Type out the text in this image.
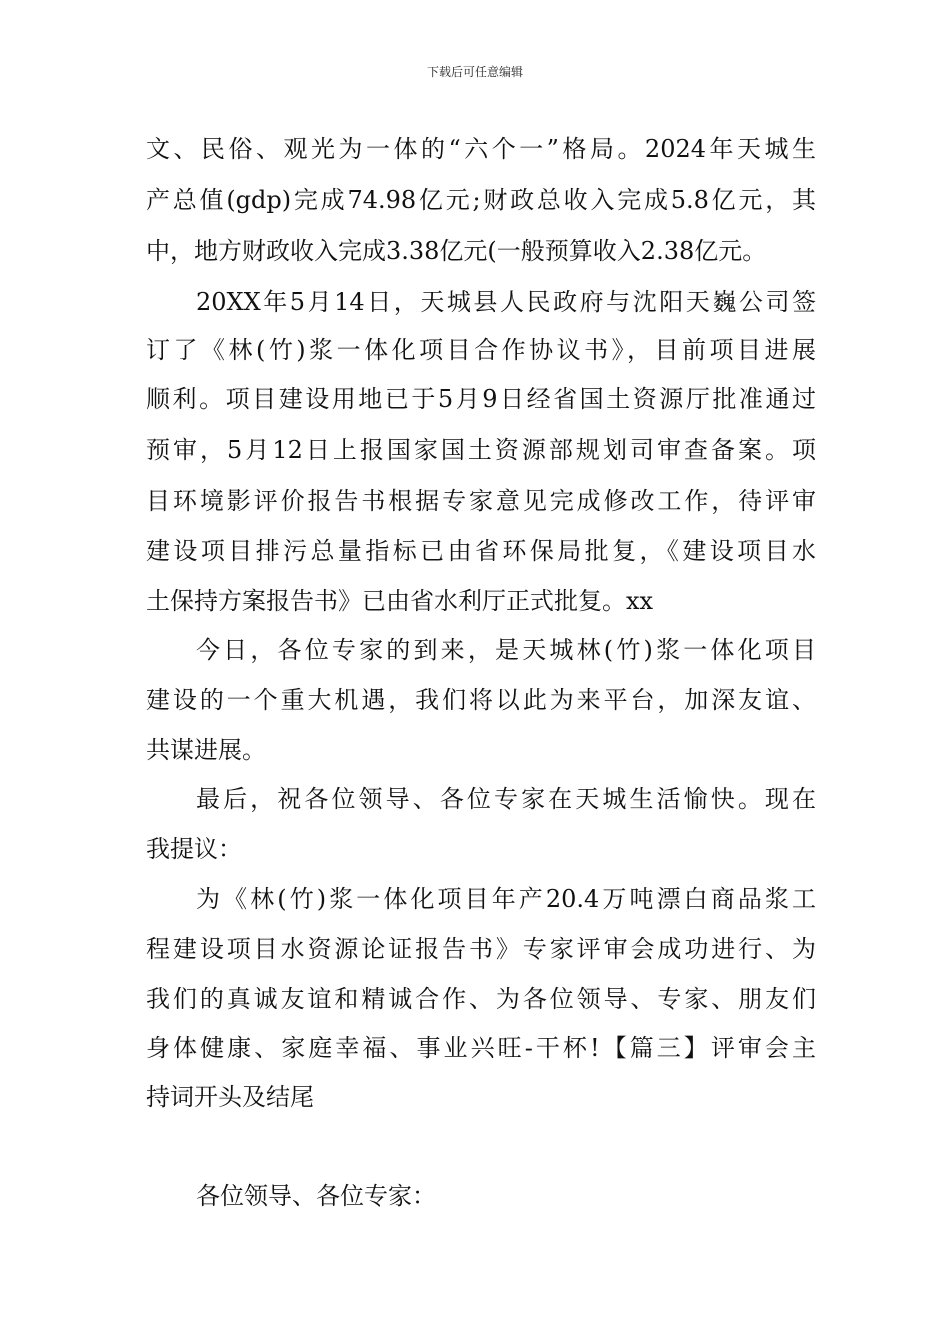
下载后可任意编辑
文、民俗、观光为一体的“六个一”格局。2024年天城生
产总值(gdp)完成74.98亿元;财政总收入完成5.8亿元，其
中，地方财政收入完成3.38亿元(一般预算收入2.38亿元。
20XX年5月14日，天城县人民政府与沈阳天巍公司签
订了《林(竹)浆一体化项目合作协议书》，目前项目进展
顺利。项目建设用地已于5月9日经省国土资源厅批准通过
预审，5月12日上报国家国土资源部规划司审查备案。项
目环境影评价报告书根据专家意见完成修改工作，待评审
建设项目排污总量指标已由省环保局批复，《建设项目水
土保持方案报告书》已由省水利厅正式批复。xx
今日，各位专家的到来，是天城林(竹)浆一体化项目
建设的一个重大机遇，我们将以此为来平台，加深友谊、
共谋进展。
最后，祝各位领导、各位专家在天城生活愉快。现在
我提议：
为《林(竹)浆一体化项目年产20.4万吨漂白商品浆工
程建设项目水资源论证报告书》专家评审会成功进行、为
我们的真诚友谊和精诚合作、为各位领导、专家、朋友们
身体健康、家庭幸福、事业兴旺-干杯!【篇三】评审会主
持词开头及结尾
各位领导、各位专家：
